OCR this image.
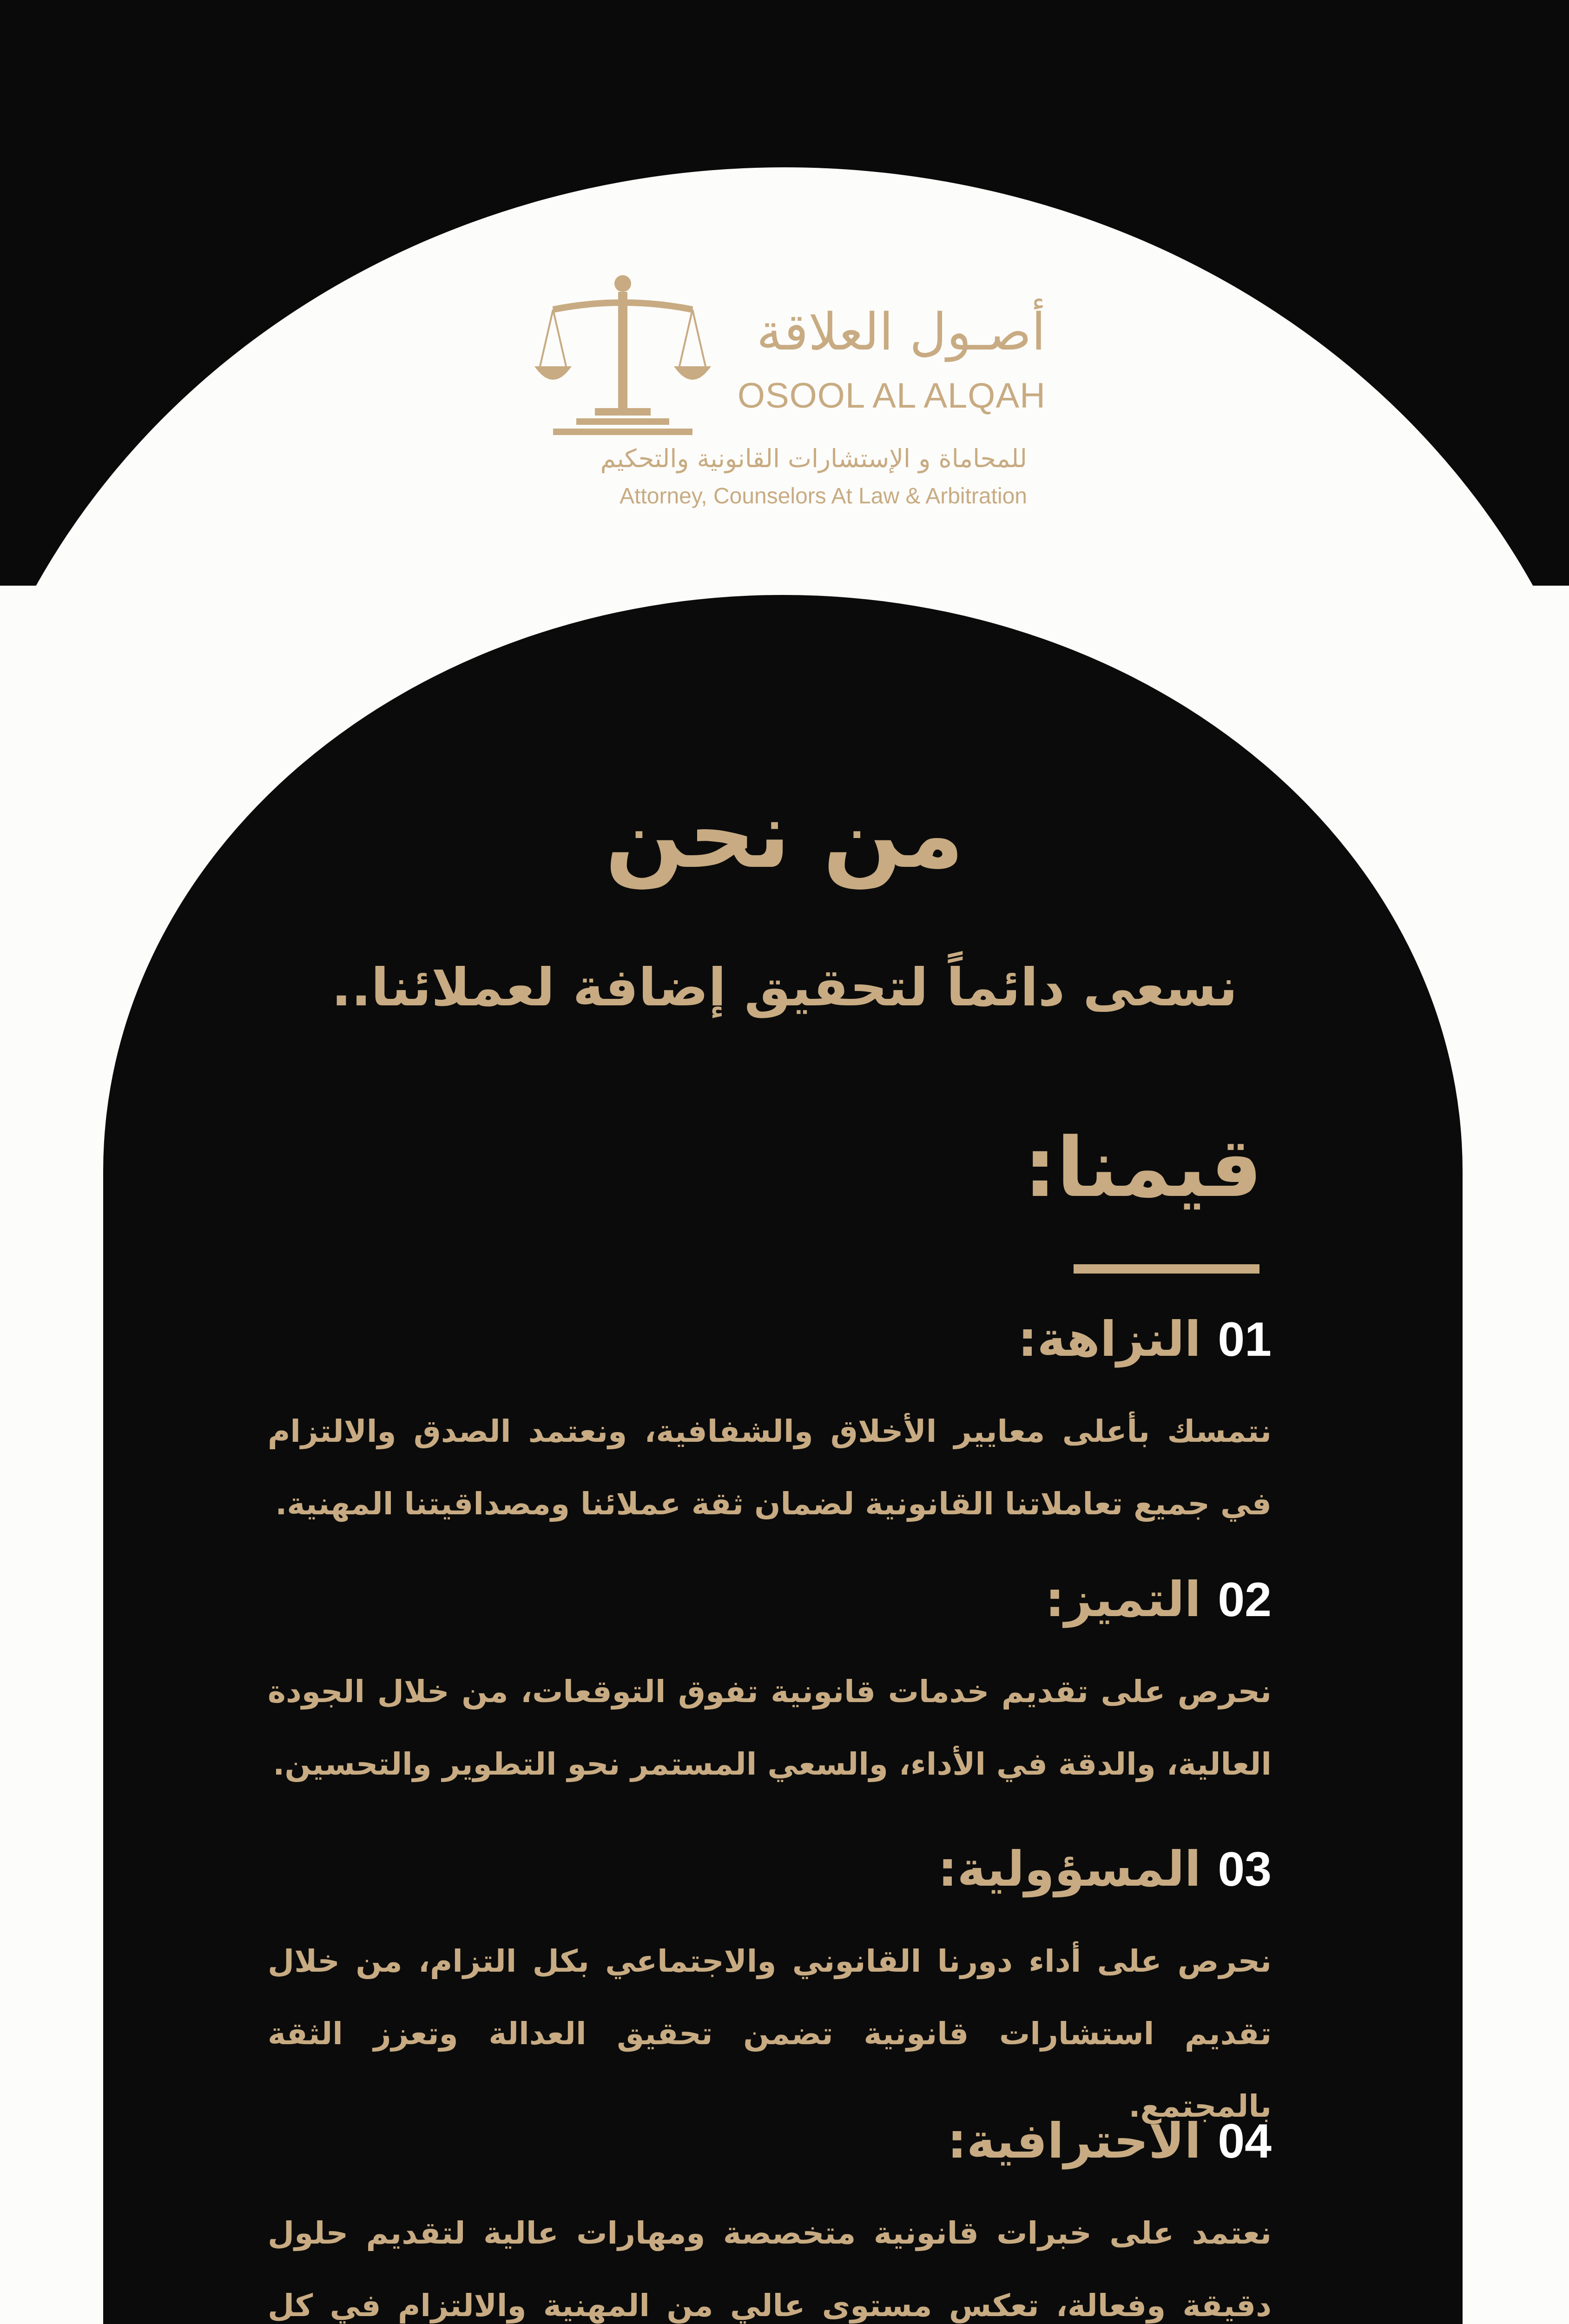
أصـول العلاقة
OSOOL AL ALQAH
للمحاماة و الإستشارات القانونية والتحكيم
Attorney, Counselors At Law & Arbitration
من نحن
نسعى دائماً لتحقيق إضافة لعملائنا..
قيمنا:
01النزاهة:
نتمسك بأعلى معايير الأخلاق والشفافية، ونعتمد الصدق والالتزام في جميع تعاملاتنا القانونية لضمان ثقة عملائنا ومصداقيتنا المهنية.
02التميز:
نحرص على تقديم خدمات قانونية تفوق التوقعات، من خلال الجودة العالية، والدقة في الأداء، والسعي المستمر نحو التطوير والتحسين.
03المسؤولية:
نحرص على أداء دورنا القانوني والاجتماعي بكل التزام، من خلال تقديم استشارات قانونية تضمن تحقيق العدالة وتعزز الثقة بالمجتمع.
04الاحترافية:
نعتمد على خبرات قانونية متخصصة ومهارات عالية لتقديم حلول دقيقة وفعالة، تعكس مستوى عالي من المهنية والالتزام في كل
